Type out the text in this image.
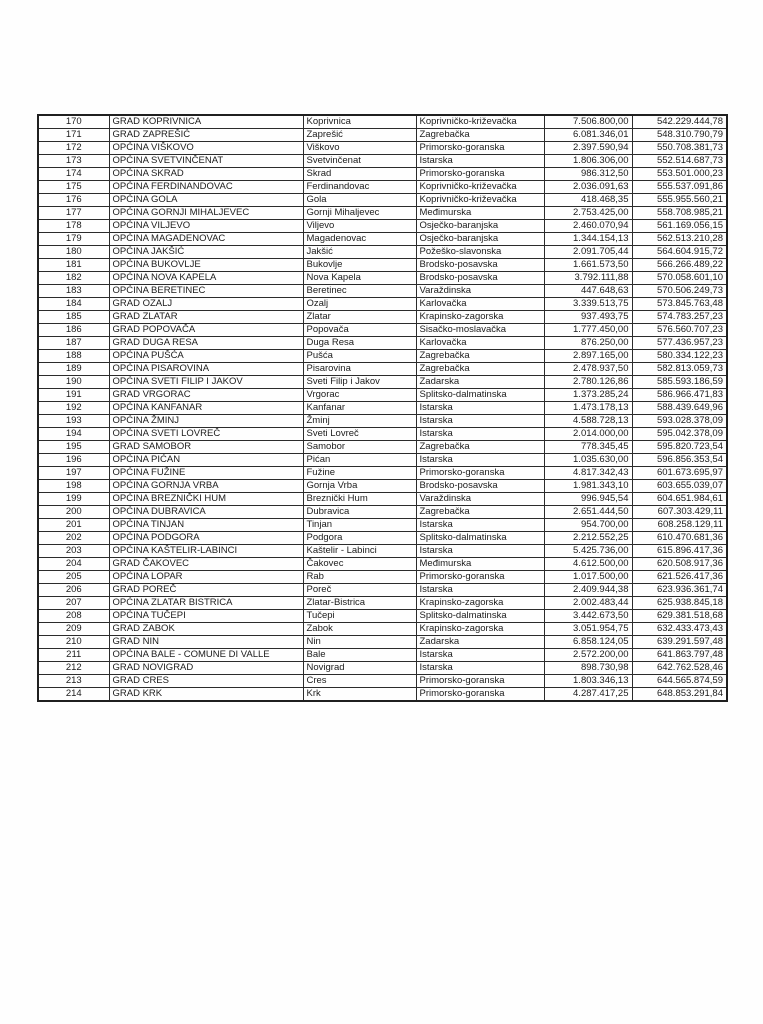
170	GRAD KOPRIVNICA	Koprivnica	Koprivničko-križevačka	7.506.800,00	542.229.444,78
171	GRAD ZAPREŠIĆ	Zaprešić	Zagrebačka	6.081.346,01	548.310.790,79
172	OPĆINA VIŠKOVO	Viškovo	Primorsko-goranska	2.397.590,94	550.708.381,73
173	OPĆINA SVETVINČENAT	Svetvinčenat	Istarska	1.806.306,00	552.514.687,73
174	OPĆINA SKRAD	Skrad	Primorsko-goranska	986.312,50	553.501.000,23
175	OPĆINA FERDINANDOVAC	Ferdinandovac	Koprivničko-križevačka	2.036.091,63	555.537.091,86
176	OPĆINA GOLA	Gola	Koprivničko-križevačka	418.468,35	555.955.560,21
177	OPĆINA GORNJI MIHALJEVEC	Gornji Mihaljevec	Međimurska	2.753.425,00	558.708.985,21
178	OPĆINA VILJEVO	Viljevo	Osječko-baranjska	2.460.070,94	561.169.056,15
179	OPĆINA MAGADENOVAC	Magadenovac	Osječko-baranjska	1.344.154,13	562.513.210,28
180	OPĆINA JAKŠIĆ	Jakšić	Požeško-slavonska	2.091.705,44	564.604.915,72
181	OPĆINA BUKOVLJE	Bukovlje	Brodsko-posavska	1.661.573,50	566.266.489,22
182	OPĆINA NOVA KAPELA	Nova Kapela	Brodsko-posavska	3.792.111,88	570.058.601,10
183	OPĆINA BERETINEC	Beretinec	Varaždinska	447.648,63	570.506.249,73
184	GRAD OZALJ	Ozalj	Karlovačka	3.339.513,75	573.845.763,48
185	GRAD ZLATAR	Zlatar	Krapinsko-zagorska	937.493,75	574.783.257,23
186	GRAD POPOVAČA	Popovača	Sisačko-moslavačka	1.777.450,00	576.560.707,23
187	GRAD DUGA RESA	Duga Resa	Karlovačka	876.250,00	577.436.957,23
188	OPĆINA PUŠĆA	Pušća	Zagrebačka	2.897.165,00	580.334.122,23
189	OPĆINA PISAROVINA	Pisarovina	Zagrebačka	2.478.937,50	582.813.059,73
190	OPĆINA SVETI FILIP I JAKOV	Sveti Filip i Jakov	Zadarska	2.780.126,86	585.593.186,59
191	GRAD VRGORAC	Vrgorac	Splitsko-dalmatinska	1.373.285,24	586.966.471,83
192	OPĆINA KANFANAR	Kanfanar	Istarska	1.473.178,13	588.439.649,96
193	OPĆINA ŽMINJ	Žminj	Istarska	4.588.728,13	593.028.378,09
194	OPĆINA SVETI LOVREČ	Sveti Lovreč	Istarska	2.014.000,00	595.042.378,09
195	GRAD SAMOBOR	Samobor	Zagrebačka	778.345,45	595.820.723,54
196	OPĆINA PIĆAN	Pićan	Istarska	1.035.630,00	596.856.353,54
197	OPĆINA FUŽINE	Fužine	Primorsko-goranska	4.817.342,43	601.673.695,97
198	OPĆINA GORNJA VRBA	Gornja Vrba	Brodsko-posavska	1.981.343,10	603.655.039,07
199	OPĆINA BREZNIČKI HUM	Breznički Hum	Varaždinska	996.945,54	604.651.984,61
200	OPĆINA DUBRAVICA	Dubravica	Zagrebačka	2.651.444,50	607.303.429,11
201	OPĆINA TINJAN	Tinjan	Istarska	954.700,00	608.258.129,11
202	OPĆINA PODGORA	Podgora	Splitsko-dalmatinska	2.212.552,25	610.470.681,36
203	OPĆINA KAŠTELIR-LABINCI	Kaštelir - Labinci	Istarska	5.425.736,00	615.896.417,36
204	GRAD ČAKOVEC	Čakovec	Međimurska	4.612.500,00	620.508.917,36
205	OPĆINA LOPAR	Rab	Primorsko-goranska	1.017.500,00	621.526.417,36
206	GRAD POREČ	Poreč	Istarska	2.409.944,38	623.936.361,74
207	OPĆINA ZLATAR BISTRICA	Zlatar-Bistrica	Krapinsko-zagorska	2.002.483,44	625.938.845,18
208	OPĆINA TUČEPI	Tučepi	Splitsko-dalmatinska	3.442.673,50	629.381.518,68
209	GRAD ZABOK	Zabok	Krapinsko-zagorska	3.051.954,75	632.433.473,43
210	GRAD NIN	Nin	Zadarska	6.858.124,05	639.291.597,48
211	OPĆINA BALE - COMUNE DI VALLE	Bale	Istarska	2.572.200,00	641.863.797,48
212	GRAD NOVIGRAD	Novigrad	Istarska	898.730,98	642.762.528,46
213	GRAD CRES	Cres	Primorsko-goranska	1.803.346,13	644.565.874,59
214	GRAD KRK	Krk	Primorsko-goranska	4.287.417,25	648.853.291,84
